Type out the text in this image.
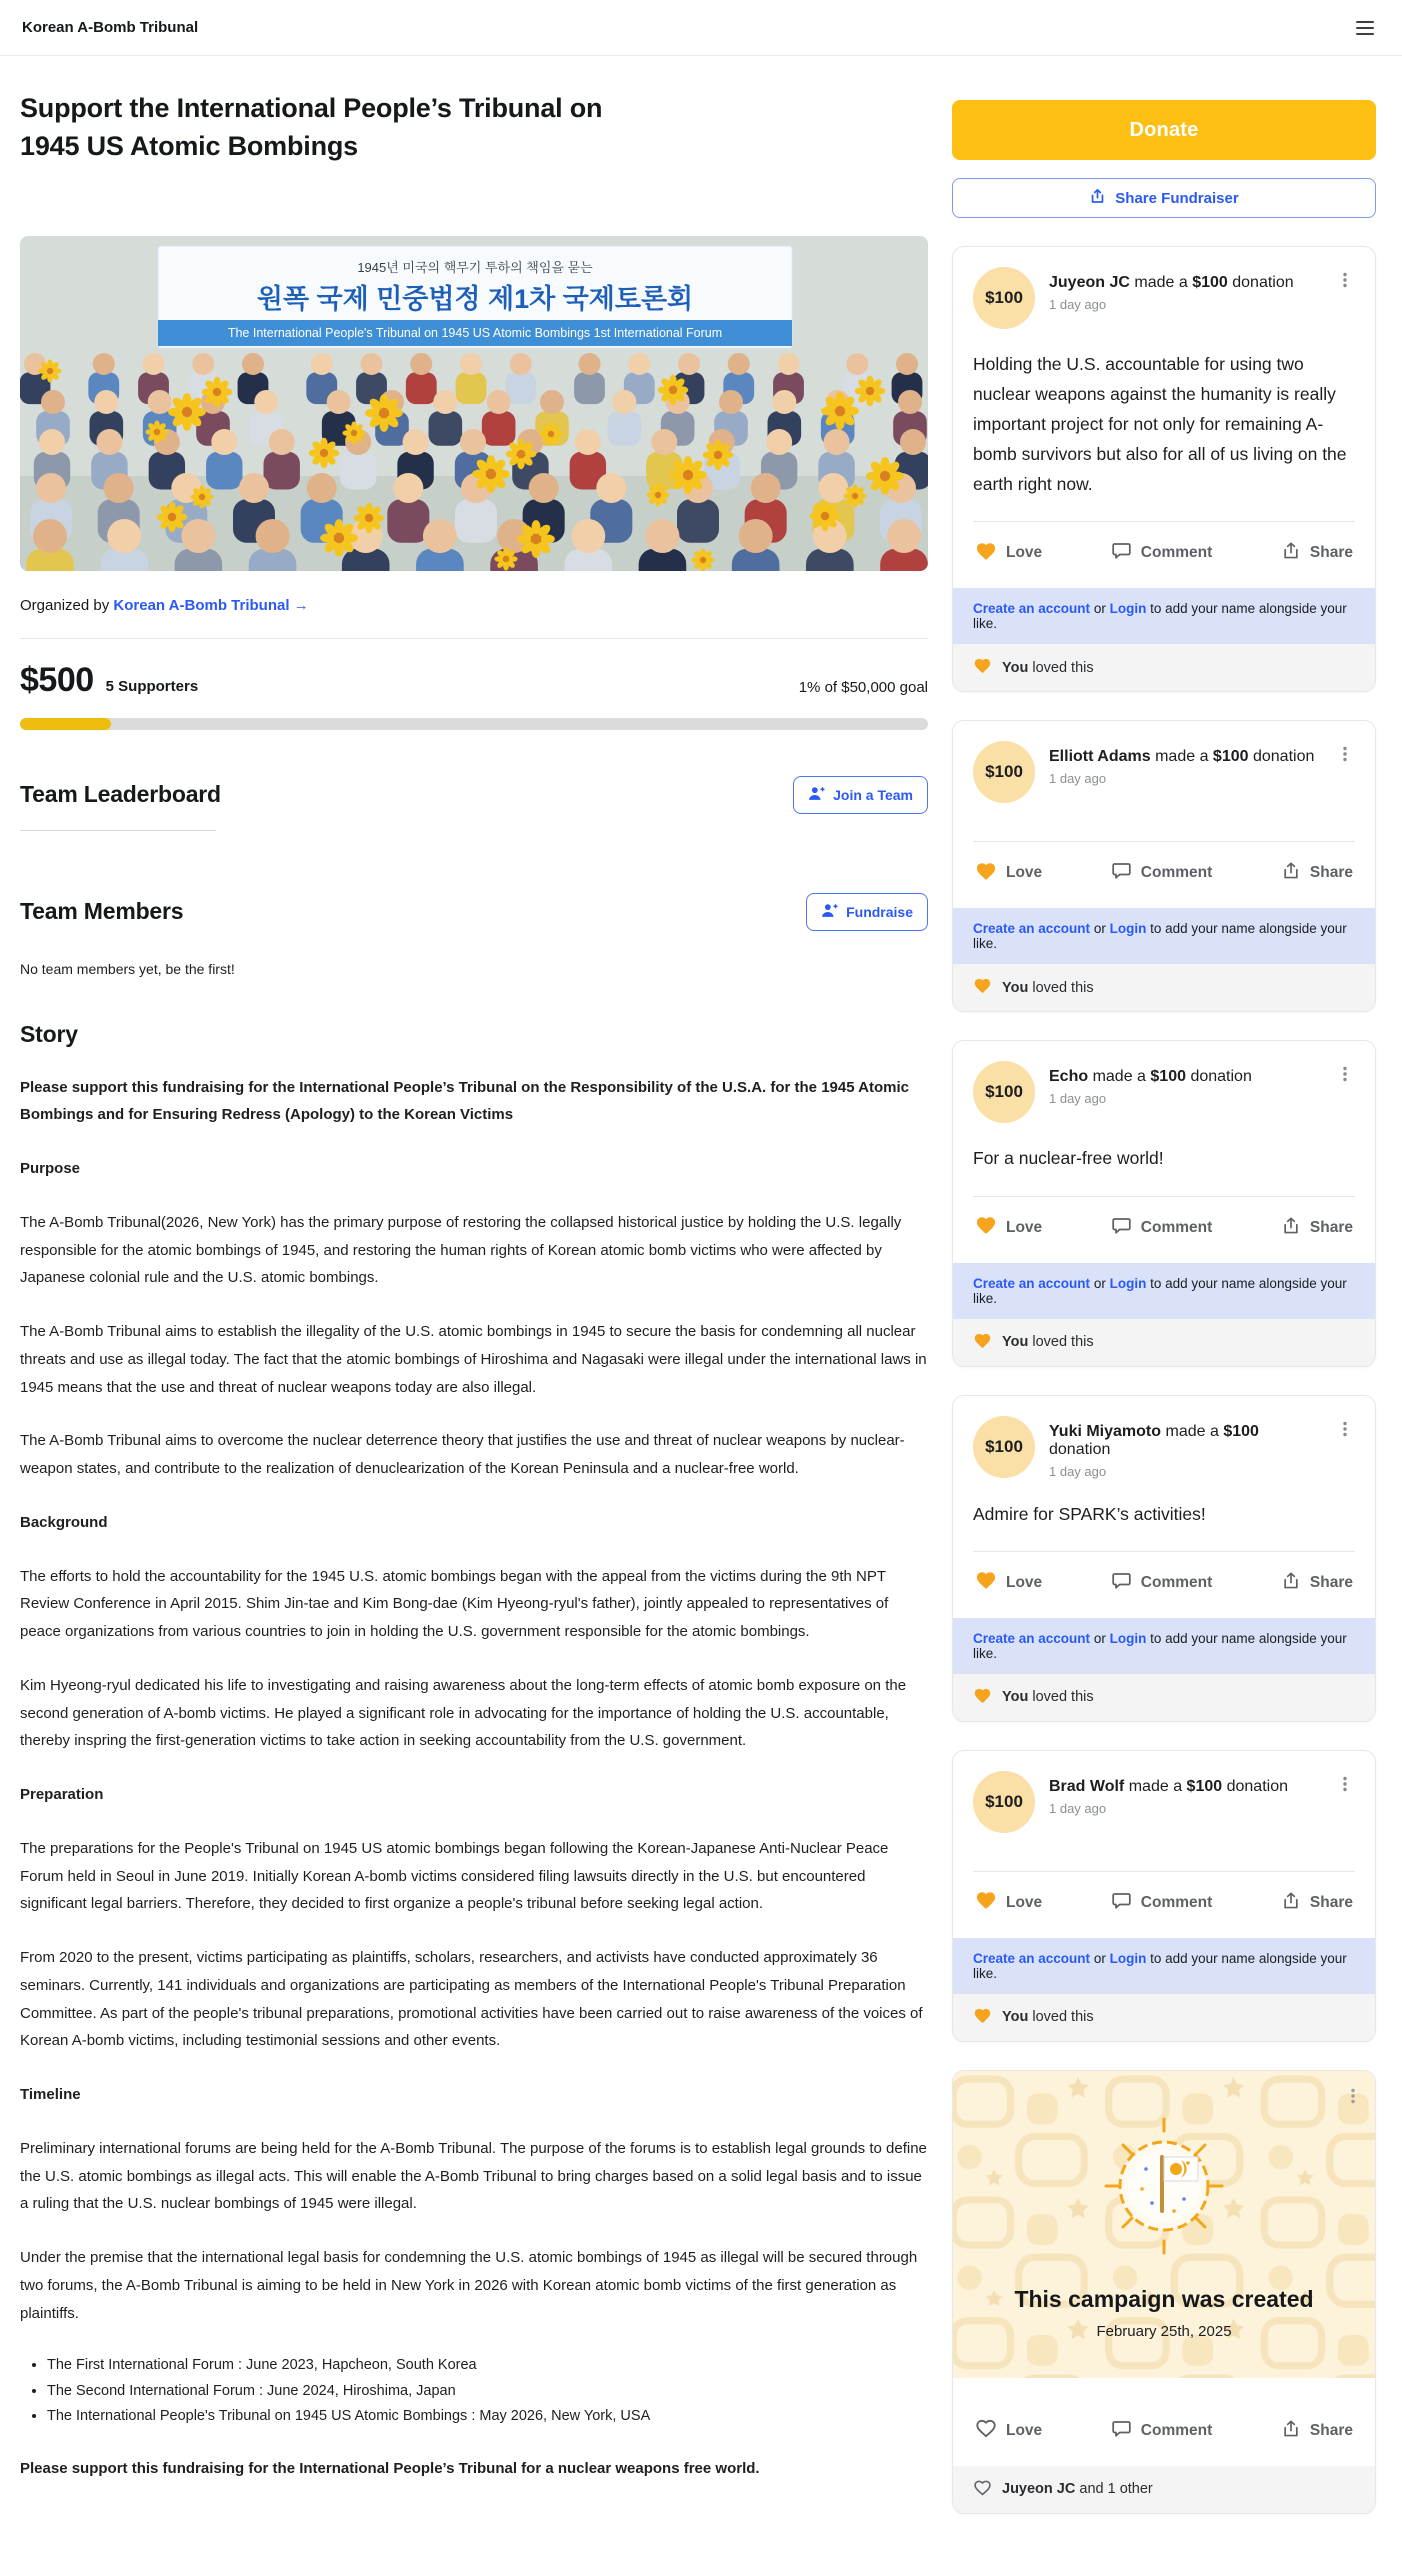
Korean A-Bomb Tribunal
Support the International People’s Tribunal on 1945 US Atomic Bombings
1945년 미국의 핵무기 투하의 책임을 묻는
원폭 국제 민중법정 제1차 국제토론회
The International People's Tribunal on 1945 US Atomic Bombings 1st International Forum

Organized by Korean A-Bomb Tribunal →

$500 5 Supporters	1% of $50,000 goal
Team Leaderboard	Join a Team
Team Members	Fundraise

No team members yet, be the first!

Story

Please support this fundraising for the International People’s Tribunal on the Responsibility of the U.S.A. for the 1945 Atomic Bombings and for Ensuring Redress (Apology) to the Korean Victims

Purpose

The A-Bomb Tribunal(2026, New York) has the primary purpose of restoring the collapsed historical justice by holding the U.S. legally responsible for the atomic bombings of 1945, and restoring the human rights of Korean atomic bomb victims who were affected by Japanese colonial rule and the U.S. atomic bombings.

The A-Bomb Tribunal aims to establish the illegality of the U.S. atomic bombings in 1945 to secure the basis for condemning all nuclear threats and use as illegal today. The fact that the atomic bombings of Hiroshima and Nagasaki were illegal under the international laws in 1945 means that the use and threat of nuclear weapons today are also illegal.

The A-Bomb Tribunal aims to overcome the nuclear deterrence theory that justifies the use and threat of nuclear weapons by nuclear-weapon states, and contribute to the realization of denuclearization of the Korean Peninsula and a nuclear-free world.

Background

The efforts to hold the accountability for the 1945 U.S. atomic bombings began with the appeal from the victims during the 9th NPT Review Conference in April 2015. Shim Jin-tae and Kim Bong-dae (Kim Hyeong-ryul's father), jointly appealed to representatives of peace organizations from various countries to join in holding the U.S. government responsible for the atomic bombings.

Kim Hyeong-ryul dedicated his life to investigating and raising awareness about the long-term effects of atomic bomb exposure on the second generation of A-bomb victims. He played a significant role in advocating for the importance of holding the U.S. accountable, thereby inspring the first-generation victims to take action in seeking accountability from the U.S. government.

Preparation

The preparations for the People's Tribunal on 1945 US atomic bombings began following the Korean-Japanese Anti-Nuclear Peace Forum held in Seoul in June 2019. Initially Korean A-bomb victims considered filing lawsuits directly in the U.S. but encountered significant legal barriers. Therefore, they decided to first organize a people's tribunal before seeking legal action.

From 2020 to the present, victims participating as plaintiffs, scholars, researchers, and activists have conducted approximately 36 seminars. Currently, 141 individuals and organizations are participating as members of the International People's Tribunal Preparation Committee. As part of the people's tribunal preparations, promotional activities have been carried out to raise awareness of the voices of Korean A-bomb victims, including testimonial sessions and other events.

Timeline

Preliminary international forums are being held for the A-Bomb Tribunal. The purpose of the forums is to establish legal grounds to define the U.S. atomic bombings as illegal acts. This will enable the A-Bomb Tribunal to bring charges based on a solid legal basis and to issue a ruling that the U.S. nuclear bombings of 1945 were illegal.

Under the premise that the international legal basis for condemning the U.S. atomic bombings of 1945 as illegal will be secured through two forums, the A-Bomb Tribunal is aiming to be held in New York in 2026 with Korean atomic bomb victims of the first generation as plaintiffs.

• The First International Forum : June 2023, Hapcheon, South Korea
• The Second International Forum : June 2024, Hiroshima, Japan
• The International People's Tribunal on 1945 US Atomic Bombings : May 2026, New York, USA

Please support this fundraising for the International People’s Tribunal for a nuclear weapons free world.

Donate
Share Fundraiser
$100
Juyeon JC made a $100 donation
1 day ago

Holding the U.S. accountable for using two nuclear weapons against the humanity is really important project for not only for remaining A-bomb survivors but also for all of us living on the earth right now.

Love	Comment	Share
Create an account or Login to add your name alongside your like.
You loved this
$100
Elliott Adams made a $100 donation
1 day ago
Love	Comment	Share
Create an account or Login to add your name alongside your like.
You loved this
$100
Echo made a $100 donation
1 day ago

For a nuclear-free world!

Love	Comment	Share
Create an account or Login to add your name alongside your like.
You loved this
$100
Yuki Miyamoto made a $100 donation
1 day ago

Admire for SPARK’s activities!

Love	Comment	Share
Create an account or Login to add your name alongside your like.
You loved this
$100
Brad Wolf made a $100 donation
1 day ago
Love	Comment	Share
Create an account or Login to add your name alongside your like.
You loved this
This campaign was created
February 25th, 2025
Love	Comment	Share
Juyeon JC and 1 other
